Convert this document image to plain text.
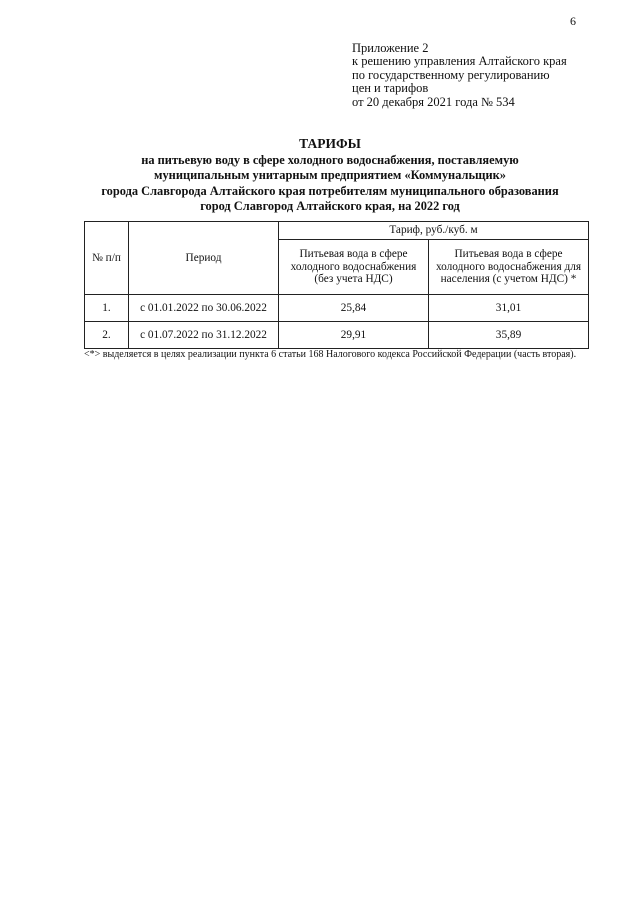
6
Приложение 2
к решению управления Алтайского края
по государственному регулированию
цен и тарифов
от 20 декабря 2021 года № 534
ТАРИФЫ
на питьевую воду в сфере холодного водоснабжения, поставляемую
муниципальным унитарным предприятием «Коммунальщик»
города Славгорода Алтайского края потребителям муниципального образования
город Славгород Алтайского края, на 2022 год
№ п/п	Период	Тариф, руб./куб. м	
		Питьевая вода в сфере холодного водоснабжения (без учета НДС)	Питьевая вода в сфере холодного водоснабжения для населения (с учетом НДС) *
1.	с 01.01.2022 по 30.06.2022	25,84	31,01
2.	с 01.07.2022 по 31.12.2022	29,91	35,89
<*> выделяется в целях реализации пункта 6 статьи 168 Налогового кодекса Российской Федерации (часть вторая).
